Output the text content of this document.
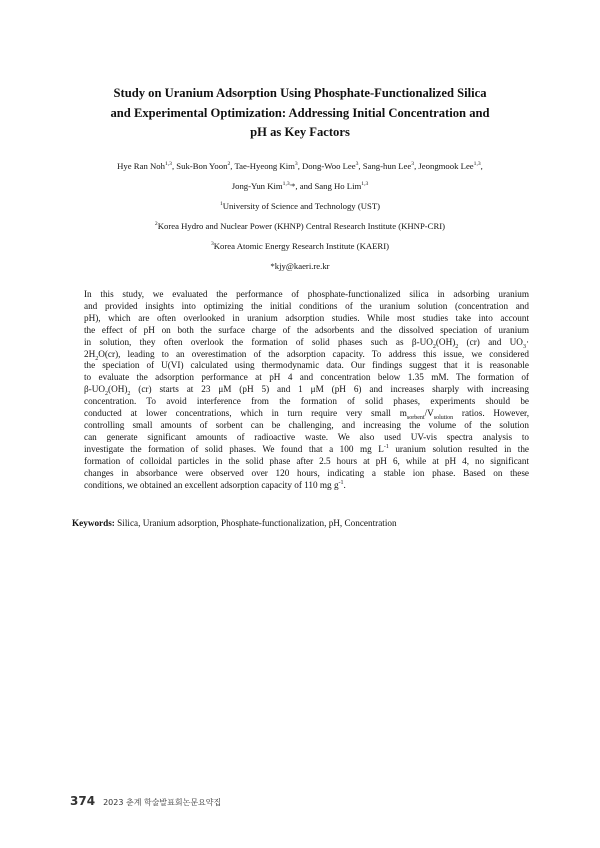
Study on Uranium Adsorption Using Phosphate-Functionalized Silica
and Experimental Optimization: Addressing Initial Concentration and
pH as Key Factors
Hye Ran Noh$^{1,3}$, Suk-Bon Yoon$^2$, Tae-Hyeong Kim$^3$, Dong-Woo Lee$^3$, Sang-hun Lee$^3$, Jeongmook Lee$^{1,3}$,
Jong-Yun Kim$^{1,3,}$*, and Sang Ho Lim$^{1,3}$
$^1$University of Science and Technology (UST)
$^2$Korea Hydro and Nuclear Power (KHNP) Central Research Institute (KHNP-CRI)
$^3$Korea Atomic Energy Research Institute (KAERI)
*kjy@kaeri.re.kr

In this study, we evaluated the performance of phosphate-functionalized silica in adsorbing uranium
and provided insights into optimizing the initial conditions of the uranium solution (concentration and
pH), which are often overlooked in uranium adsorption studies. While most studies take into account
the effect of pH on both the surface charge of the adsorbents and the dissolved speciation of uranium
in solution, they often overlook the formation of solid phases such as $\beta-UO_2(OH)_2$ (cr) and $UO_3\cdot$
$2H_2O(cr)$, leading to an overestimation of the adsorption capacity. To address this issue, we considered
the speciation of U(VI) calculated using thermodynamic data. Our findings suggest that it is reasonable
to evaluate the adsorption performance at pH 4 and concentration below 1.35 mM. The formation of
$\beta-UO_2(OH)_2$ (cr) starts at 23 μM (pH 5) and 1 μM (pH 6) and increases sharply with increasing
concentration. To avoid interference from the formation of solid phases, experiments should be
conducted at lower concentrations, which in turn require very small $m_{sorbent}/V_{solution}$ ratios. However,
controlling small amounts of sorbent can be challenging, and increasing the volume of the solution
can generate significant amounts of radioactive waste. We also used UV-vis spectra analysis to
investigate the formation of solid phases. We found that a 100 mg $L^{-1}$ uranium solution resulted in the
formation of colloidal particles in the solid phase after 2.5 hours at pH 6, while at pH 4, no significant
changes in absorbance were observed over 120 hours, indicating a stable ion phase. Based on these
conditions, we obtained an excellent adsorption capacity of 110 mg $g^{-1}$.

Keywords: Silica, Uranium adsorption, Phosphate-functionalization, pH, Concentration
374 2023 춘계 학술발표회논문요약집
